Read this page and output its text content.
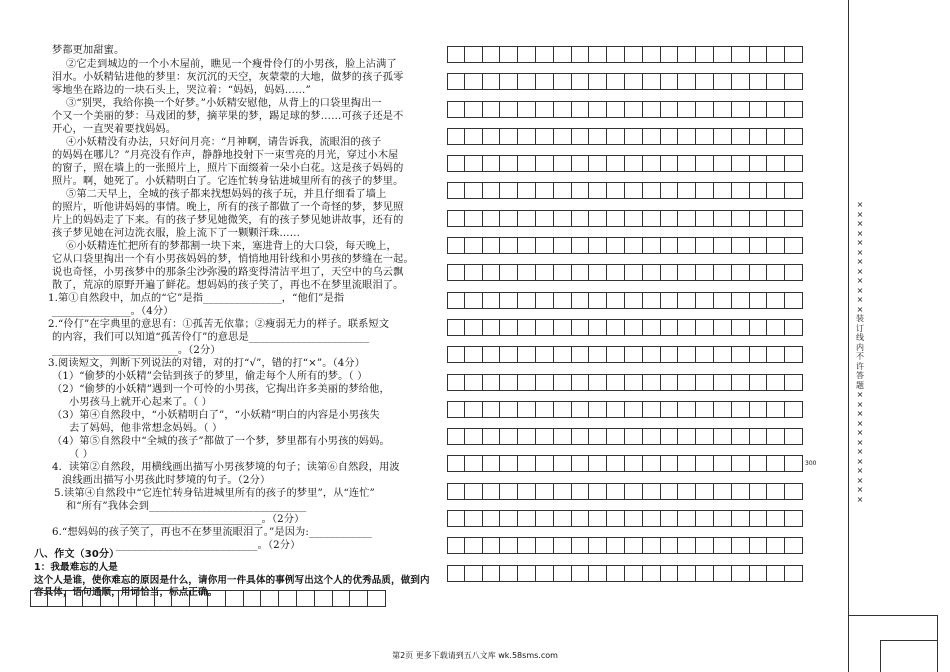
梦都更加甜蜜。
②它走到城边的一个小木屋前，瞧见一个瘦骨伶仃的小男孩，脸上沾满了
泪水。小妖精钻进他的梦里：灰沉沉的天空，灰蒙蒙的大地，做梦的孩子孤零
零地坐在路边的一块石头上，哭泣着：“妈妈，妈妈……”
③“别哭，我给你换一个好梦。”小妖精安慰他，从背上的口袋里掏出一
个又一个美丽的梦：马戏团的梦，摘苹果的梦，踢足球的梦……可孩子还是不
开心，一直哭着要找妈妈。
④小妖精没有办法，只好问月亮：“月神啊，请告诉我，流眼泪的孩子
的妈妈在哪儿？”月亮没有作声，静静地投射下一束雪亮的月光，穿过小木屋
的窗子，照在墙上的一张照片上，照片下面缀着一朵小白花。这是孩子妈妈的
照片。啊，她死了。小妖精明白了。它连忙转身钻进城里所有的孩子的梦里。
⑤第二天早上，全城的孩子都来找想妈妈的孩子玩，并且仔细看了墙上
的照片，听他讲妈妈的事情。晚上，所有的孩子都做了一个奇怪的梦，梦见照
片上的妈妈走了下来。有的孩子梦见她微笑，有的孩子梦见她讲故事，还有的
孩子梦见她在河边洗衣服，脸上流下了一颗颗汗珠……
⑥小妖精连忙把所有的梦都割一块下来，塞进背上的大口袋，每天晚上，
它从口袋里掏出一个有小男孩妈妈的梦，悄悄地用针线和小男孩的梦缝在一起。
说也奇怪，小男孩梦中的那条尘沙弥漫的路变得清洁平坦了，天空中的乌云飘
散了，荒凉的原野开遍了鲜花。想妈妈的孩子笑了，再也不在梦里流眼泪了。
1.第①自然段中，加点的“它”是指_______________，“他们”是指
_______________。（4分）
2.“伶仃”在字典里的意思有：①孤苦无依靠；②瘦弱无力的样子。联系短文
的内容，我们可以知道“孤苦伶仃”的意思是_______________________
________________________。（2分）
3.阅读短文，判断下列说法的对错，对的打“√”，错的打“×”。（4分）
（1）“偷梦的小妖精”会钻到孩子的梦里，偷走每个人所有的梦。（ ）
（2）“偷梦的小妖精”遇到一个可怜的小男孩，它掏出许多美丽的梦给他，
小男孩马上就开心起来了。（ ）
（3）第④自然段中，“小妖精明白了”，“小妖精”明白的内容是小男孩失
去了妈妈，他非常想念妈妈。（ ）
（4）第⑤自然段中“全城的孩子”都做了一个梦，梦里都有小男孩的妈妈。
（ ）
4．读第②自然段，用横线画出描写小男孩梦境的句子；读第⑥自然段，用波
浪线画出描写小男孩此时梦境的句子。（2分）
5.读第④自然段中“它连忙转身钻进城里所有的孩子的梦里”，从“连忙”
和“所有”我体会到______________________________
___________________________。（2分）
6.“想妈妈的孩子笑了，再也不在梦里流眼泪了。”是因为:____________
___________________________。（2分）
八、作文（30分）
1：我最难忘的人是
这个人是谁，使你难忘的原因是什么，请你用一件具体的事例写出这个人的优秀品质，做到内
容具体，语句通顺，用词恰当，标点正确。
300
××××××××××××装订线内不许答题××××××××××××
第2页 更多下载请到五八文库 wk.58sms.com
